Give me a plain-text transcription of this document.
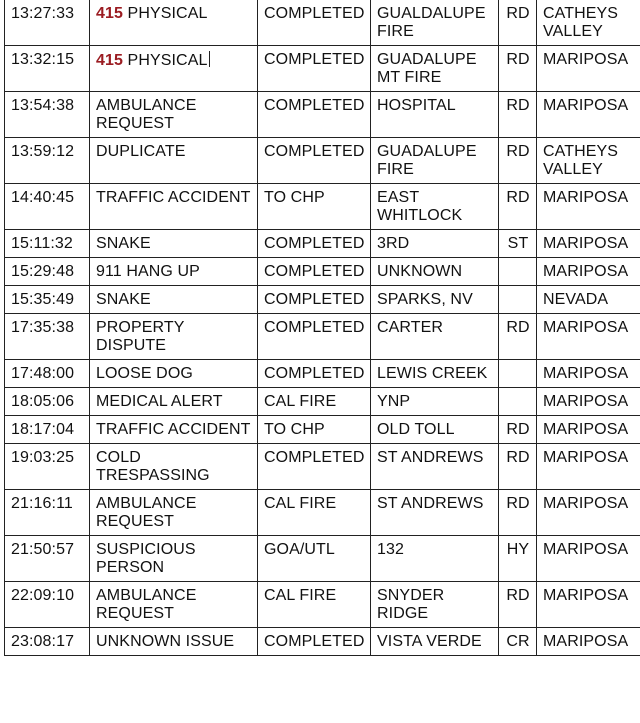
13:27:33	415 PHYSICAL	COMPLETED	GUALDALUPE FIRE	RD	CATHEYS VALLEY
13:32:15	415 PHYSICAL	COMPLETED	GUADALUPE MT FIRE	RD	MARIPOSA
13:54:38	AMBULANCE REQUEST	COMPLETED	HOSPITAL	RD	MARIPOSA
13:59:12	DUPLICATE	COMPLETED	GUADALUPE FIRE	RD	CATHEYS VALLEY
14:40:45	TRAFFIC ACCIDENT	TO CHP	EAST WHITLOCK	RD	MARIPOSA
15:11:32	SNAKE	COMPLETED	3RD	ST	MARIPOSA
15:29:48	911 HANG UP	COMPLETED	UNKNOWN		MARIPOSA
15:35:49	SNAKE	COMPLETED	SPARKS, NV		NEVADA
17:35:38	PROPERTY DISPUTE	COMPLETED	CARTER	RD	MARIPOSA
17:48:00	LOOSE DOG	COMPLETED	LEWIS CREEK		MARIPOSA
18:05:06	MEDICAL ALERT	CAL FIRE	YNP		MARIPOSA
18:17:04	TRAFFIC ACCIDENT	TO CHP	OLD TOLL	RD	MARIPOSA
19:03:25	COLD TRESPASSING	COMPLETED	ST ANDREWS	RD	MARIPOSA
21:16:11	AMBULANCE REQUEST	CAL FIRE	ST ANDREWS	RD	MARIPOSA
21:50:57	SUSPICIOUS PERSON	GOA/UTL	132	HY	MARIPOSA
22:09:10	AMBULANCE REQUEST	CAL FIRE	SNYDER RIDGE	RD	MARIPOSA
23:08:17	UNKNOWN ISSUE	COMPLETED	VISTA VERDE	CR	MARIPOSA
